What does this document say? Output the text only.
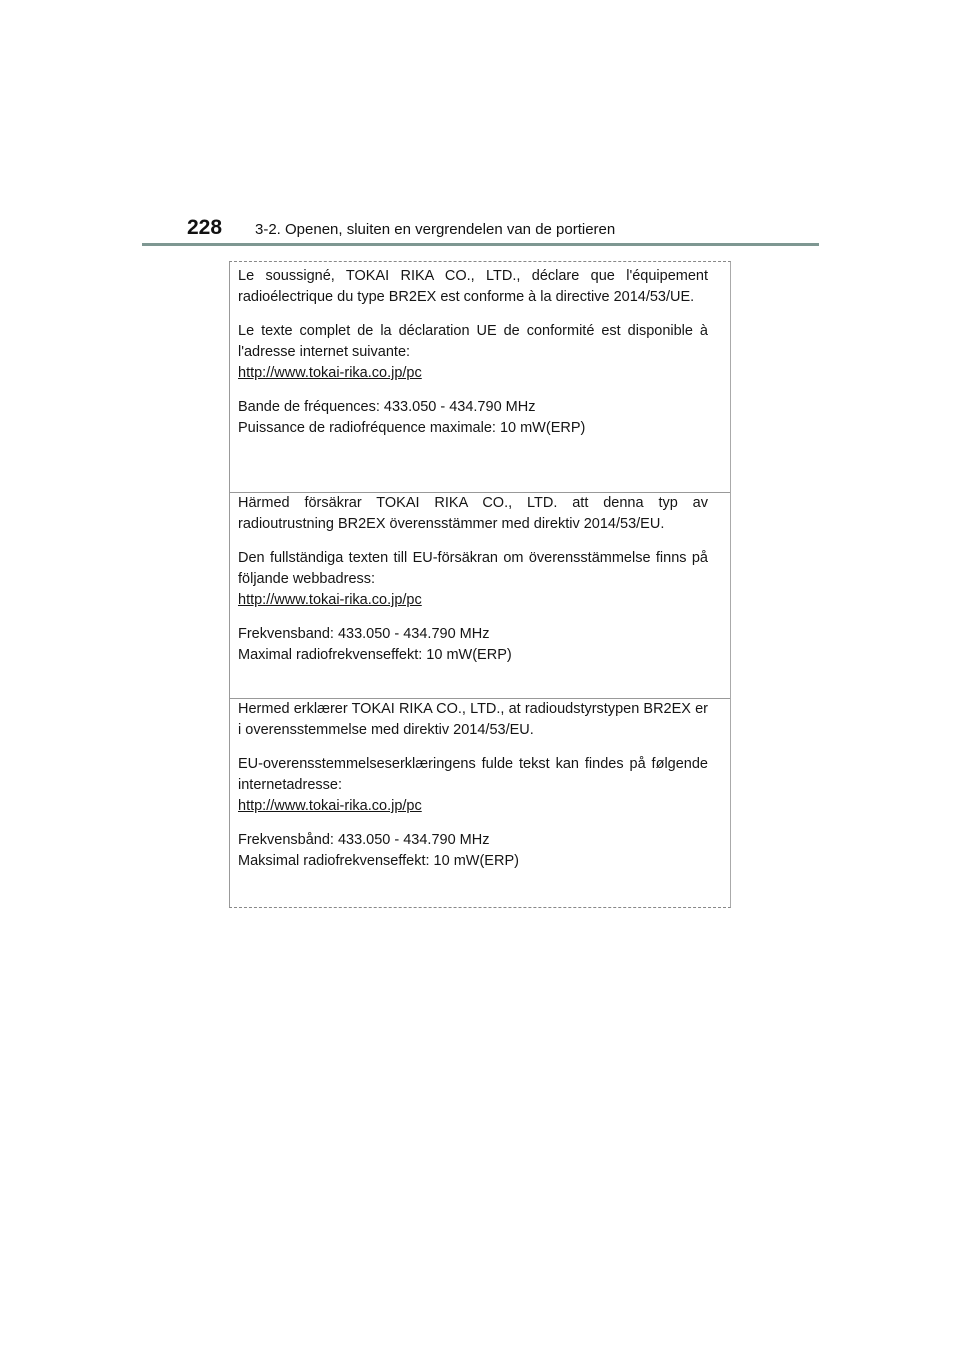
228	3-2. Openen, sluiten en vergrendelen van de portieren

Le soussigné, TOKAI RIKA CO., LTD., déclare que l'équipement radioélectrique du type BR2EX est conforme à la directive 2014/53/UE.

Le texte complet de la déclaration UE de conformité est disponible à l'adresse internet suivante:

http://www.tokai-rika.co.jp/pc

Bande de fréquences: 433.050 - 434.790 MHz

Puissance de radiofréquence maximale: 10 mW(ERP)

Härmed försäkrar TOKAI RIKA CO., LTD. att denna typ av radioutrustning BR2EX överensstämmer med direktiv 2014/53/EU.

Den fullständiga texten till EU-försäkran om överensstämmelse finns på följande webbadress:

http://www.tokai-rika.co.jp/pc

Frekvensband: 433.050 - 434.790 MHz

Maximal radiofrekvenseffekt: 10 mW(ERP)

Hermed erklærer TOKAI RIKA CO., LTD., at radioudstyrstypen BR2EX er i overensstemmelse med direktiv 2014/53/EU.

EU-overensstemmelseserklæringens fulde tekst kan findes på følgende internetadresse:

http://www.tokai-rika.co.jp/pc

Frekvensbånd: 433.050 - 434.790 MHz

Maksimal radiofrekvenseffekt: 10 mW(ERP)
